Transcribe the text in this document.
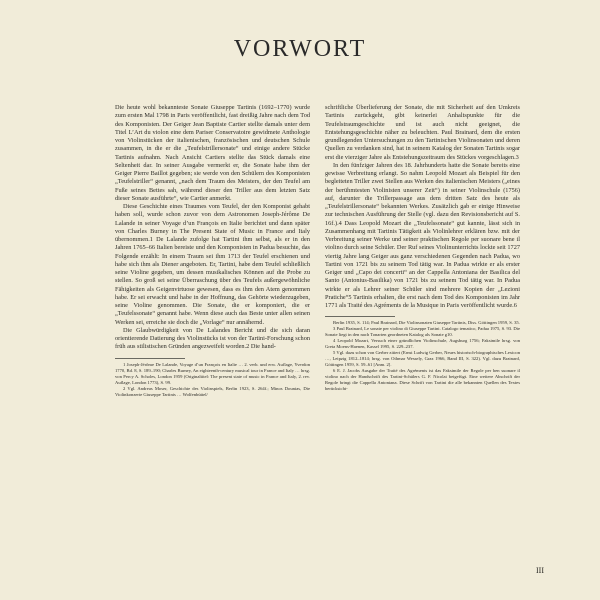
VORWORT

Die heute wohl bekannteste Sonate Giuseppe Tartinis (1692–1770) wurde zum ersten Mal 1798 in Paris veröffentlicht, fast dreißig Jahre nach dem Tod des Komponisten. Der Geiger Jean Baptiste Cartier stellte damals unter dem Titel L’Art du violon eine dem Pariser Conservatoire gewidmete Anthologie von Violinstücken der italienischen, französischen und deutschen Schule zusammen, in die er die „Teufelstrillersonate“ und einige andere Stücke Tartinis aufnahm. Nach Ansicht Cartiers stellte das Stück damals eine Seltenheit dar. In seiner Ausgabe vermerkt er, die Sonate habe ihm der Geiger Pierre Baillot gegeben; sie werde von den Schülern des Komponisten „Teufelstriller“ genannt, „nach dem Traum des Meisters, der den Teufel am Fuße seines Bettes sah, während dieser den Triller aus dem letzten Satz dieser Sonate ausführte“, wie Cartier anmerkt.

Diese Geschichte eines Traumes vom Teufel, der den Komponist gehabt haben soll, wurde schon zuvor von dem Astronomen Joseph-Jérôme De Lalande in seiner Voyage d’un François en Italie berichtet und dann später von Charles Burney in The Present State of Music in France and Italy übernommen.1 De Lalande zufolge hat Tartini ihm selbst, als er in den Jahren 1765–66 Italien bereiste und den Komponisten in Padua besuchte, das Folgende erzählt: In einem Traum sei ihm 1713 der Teufel erschienen und habe sich ihm als Diener angeboten. Er, Tartini, habe dem Teufel schließlich seine Violine gegeben, um dessen musikalisches Können auf die Probe zu stellen. So groß sei seine Überraschung über des Teufels außergewöhnliche Fähigkeiten als Geigenvirtuose gewesen, dass es ihm den Atem genommen habe. Er sei erwacht und habe in der Hoffnung, das Gehörte wiederzugeben, seine Violine genommen. Die Sonate, die er komponiert, die er „Teufelssonate“ genannt habe. Wenn diese auch das Beste unter allen seinen Werken sei, erreiche sie doch die „Vorlage“ nur annähernd.

Die Glaubwürdigkeit von De Lalandes Bericht und die sich daran orientierende Datierung des Violinstücks ist von der Tartini-Forschung schon früh aus stilistischen Gründen angezweifelt worden.2 Die hand-

1 Joseph-Jérôme De Lalande, Voyage d’un François en Italie … 2. verb. und erw. Auflage, Yverdon 1770, Bd. 8, S. 189–190; Charles Burney, An eighteenth-century musical tour in France and Italy … hrsg. von Percy A. Scholes, London 1959 (Originaltitel: The present state of music in France and Italy, 2. rev. Auflage, London 1773), S. 99.

2 Vgl. Andreas Moser, Geschichte des Violinspiels, Berlin 1923, S. 264f.; Minos Dounias, Die Violinkonzerte Giuseppe Tartinis … Wolfenbüttel/

schriftliche Überlieferung der Sonate, die mit Sicherheit auf den Umkreis Tartinis zurückgeht, gibt keinerlei Anhaltspunkte für die Teufelstraumgeschichte und ist auch nicht geeignet, die Entstehungsgeschichte näher zu beleuchten. Paul Brainard, dem die ersten grundlegenden Untersuchungen zu den Tartinischen Violinsonaten und deren Quellen zu verdanken sind, hat in seinem Katalog der Sonaten Tartinis sogar erst die vierziger Jahre als Entstehungszeitraum des Stückes vorgeschlagen.3

In den fünfziger Jahren des 18. Jahrhunderts hatte die Sonate bereits eine gewisse Verbreitung erlangt. So nahm Leopold Mozart als Beispiel für den begleiteten Triller zwei Stellen aus Werken des italienischen Meisters („eines der berühmtesten Violinisten unserer Zeit“) in seiner Violinschule (1756) auf, darunter die Trillerpassage aus dem dritten Satz des heute als „Teufelstrillersonate“ bekannten Werkes. Zusätzlich gab er einige Hinweise zur technischen Ausführung der Stelle (vgl. dazu den Revisionsbericht auf S. 16f.).4 Dass Leopold Mozart die „Teufelssonate“ gut kannte, lässt sich in Zusammenhang mit Tartinis Tätigkeit als Violinlehrer erklären bzw. mit der Verbreitung seiner Werke und seiner praktischen Regole per suonare bene il violino durch seine Schüler. Der Ruf seines Violinunterrichts lockte seit 1727 viertig Jahre lang Geiger aus ganz verschiedenen Gegenden nach Padua, wo Tartini von 1721 bis zu seinem Tod tätig war. In Padua wirkte er als erster Geiger und „Capo dei concerti“ an der Cappella Antoniana der Basilica del Santo (Antonius-Basilika) von 1721 bis zu seinem Tod tätig war. In Padua wirkte er als Lehrer seiner Schüler sind mehrere Kopien der „Lezioni Pratiche“5 Tartinis erhalten, die erst nach dem Tod des Komponisten im Jahr 1771 als Traité des Agréments de la Musique in Paris veröffentlicht wurde.6

Berlin 1935, S. 114; Paul Brainard, Die Violinsonaten Giuseppe Tartinis, Diss. Göttingen 1959, S. 35.

3 Paul Brainard, Le sonate per violino di Giuseppe Tartini. Catalogo tematico, Padua 1975, S. 93. Die Sonate liegt in den nach Tonarten geordneten Katalog als Sonate g10.

4 Leopold Mozart, Versuch einer gründlichen Violinschule, Augsburg 1756; Faksimile hrsg. von Greta Moens-Haenen, Kassel 1995, S. 229–237.

5 Vgl. dazu schon von Gerber zitiert (Ernst Ludwig Gerber, Neues historisch-biographisches Lexicon …, Leipzig 1812–1814; hrsg. von Othmar Wessely, Graz 1966, Band III, S. 322). Vgl. dazu Brainard, Göttingen 1959, S. 59–61 [Anm. 2].

6 E. J. Jacobs Ausgabe der Traité des Agréments ist das Faksimile der Regole per ben suonare il violino nach der Handschrift des Tartini-Schülers G. F. Nicolai beigefügt. Eine weitere Abschrift der Regole bringt die Cappella Antoniana. Diese Schrift von Tartini die alle bekannten Quellen des Textes berücksicht-

III
